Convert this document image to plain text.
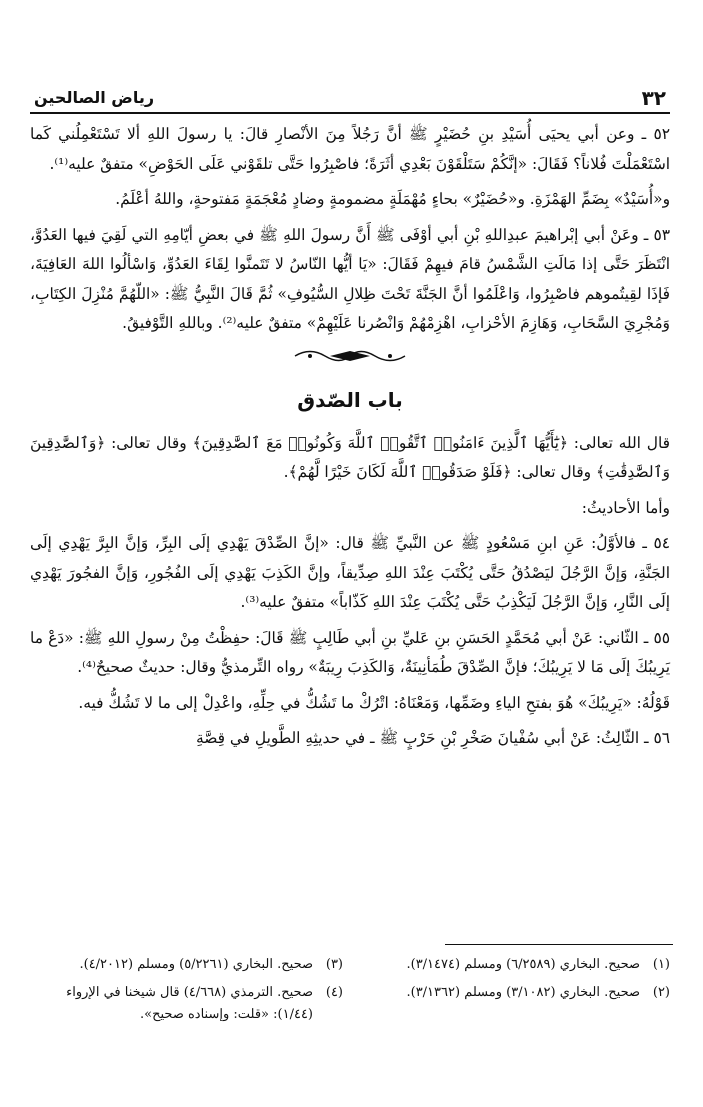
٣٢
رياض الصالحين

٥٢ ـ وعن أبي يحيَى أُسَيْدِ بنِ حُضَيْرٍ ﷺ أنَّ رَجُلاً مِنَ الأنْصارِ قالَ: يا رسولَ اللهِ ألا تَسْتَعْمِلُني كَما اسْتَعْمَلْتَ فُلاناً؟ فَقَالَ: «إنَّكُمْ سَتَلْقَوْنَ بَعْدِي أثَرَةً؛ فاصْبِرُوا حَتَّى تلقَوْني عَلَى الحَوْضِ» متفقٌ عليه⁽¹⁾.

و«أُسَيْدٌ» بِضَمِّ الهَمْزَةِ. و«حُضَيْرٌ» بحاءٍ مُهْمَلَةٍ مضمومةٍ وضادٍ مُعْجَمَةٍ مَفتوحةٍ، واللهُ أعْلَمُ.

٥٣ ـ وعَنْ أبي إبْراهيمَ عبدِاللهِ بْنِ أبي أوْفَى ﷺ أَنَّ رسولَ اللهِ ﷺ في بعضِ أيّامِهِ التي لَقِيَ فيها العَدُوَّ، انْتَظَرَ حَتَّى إذا مَالَتِ الشَّمْسُ قامَ فيهِمْ فَقَالَ: «يَا أيُّها النّاسُ لا تَتَمنَّوا لِقَاءَ العَدُوِّ، وَاسْألُوا اللهَ العَافِيَةَ، فَإذَا لقِيتُموهم فاصْبِرُوا، وَاعْلَمُوا أنَّ الجَنَّةَ تَحْتَ ظِلالِ السُّيُوفِ» ثُمَّ قَالَ النَّبِيُّ ﷺ: «اللّهُمَّ مُنْزِلَ الكِتَابِ، وَمُجْرِيَ السَّحَابِ، وَهَازِمَ الأحْزابِ، اهْزِمْهُمْ وَانْصُرنا عَلَيْهِمْ» متفقٌ عليه⁽²⁾. وباللهِ التَّوْفيقُ.

باب الصّدق

قال الله تعالى: ﴿يَٰٓأَيُّهَا ٱلَّذِينَ ءَامَنُوا۟ ٱتَّقُوا۟ ٱللَّهَ وَكُونُوا۟ مَعَ ٱلصَّٰدِقِينَ﴾ وقال تعالى: ﴿وَٱلصَّٰدِقِينَ وَٱلصَّٰدِقَٰتِ﴾ وقال تعالى: ﴿فَلَوْ صَدَقُوا۟ ٱللَّهَ لَكَانَ خَيْرًا لَّهُمْ﴾.

وأما الأحاديثُ:

٥٤ ـ فالأوَّلُ: عَنِ ابنِ مَسْعُودٍ ﷺ عن النَّبيِّ ﷺ قال: «إنَّ الصِّدْقَ يَهْدِي إلَى البِرِّ، وَإنَّ البِرَّ يَهْدِي إلَى الجَنَّةِ، وَإنَّ الرَّجُلَ ليَصْدُقُ حَتَّى يُكْتَبَ عِنْدَ اللهِ صِدِّيقاً، وإنَّ الكَذِبَ يَهْدِي إلَى الفُجُورِ، وَإنَّ الفجُورَ يَهْدِي إلَى النَّارِ، وَإنَّ الرَّجُلَ لَيَكْذِبُ حَتَّى يُكْتَبَ عِنْدَ اللهِ كَذّاباً» متفقٌ عليه⁽³⁾.

٥٥ ـ الثّاني: عَنْ أبي مُحَمَّدٍ الحَسَنِ بنِ عَليِّ بنِ أبي طَالِبٍ ﷺ قَالَ: حفِظْتُ مِنْ رسولِ اللهِ ﷺ: «دَعْ ما يَرِيبُكَ إلَى مَا لا يَرِيبُكَ؛ فإنَّ الصِّدْقَ طُمَأنِينَةٌ، وَالكَذِبَ رِيبَةٌ» رواه التِّرمذيُّ وقال: حديثٌ صحيحٌ⁽⁴⁾.

قَوْلُهُ: «يَرِيبُكَ» هُوَ بفتحِ الياءِ وضَمِّها، وَمَعْنَاهُ: اتْرُكْ ما تَشُكُّ في حِلِّهِ، واعْدِلْ إلى ما لا تَشُكُّ فيه.

٥٦ ـ الثّالِثُ: عَنْ أبي سُفْيانَ صَخْرِ بْنِ حَرْبٍ ﷺ ـ في حديثِهِ الطَّويلِ في قِصَّةِ

(١)
صحيح. البخاري (٦/٢٥٨٩) ومسلم (٣/١٤٧٤).
(٢)
صحيح. البخاري (٣/١٠٨٢) ومسلم (٣/١٣٦٢).
(٣)
صحيح. البخاري (٥/٢٢٦١) ومسلم (٤/٢٠١٢).
(٤)
صحيح. الترمذي (٤/٦٦٨) قال شيخنا في الإرواء (١/٤٤): «قلت: وإسناده صحيح».
